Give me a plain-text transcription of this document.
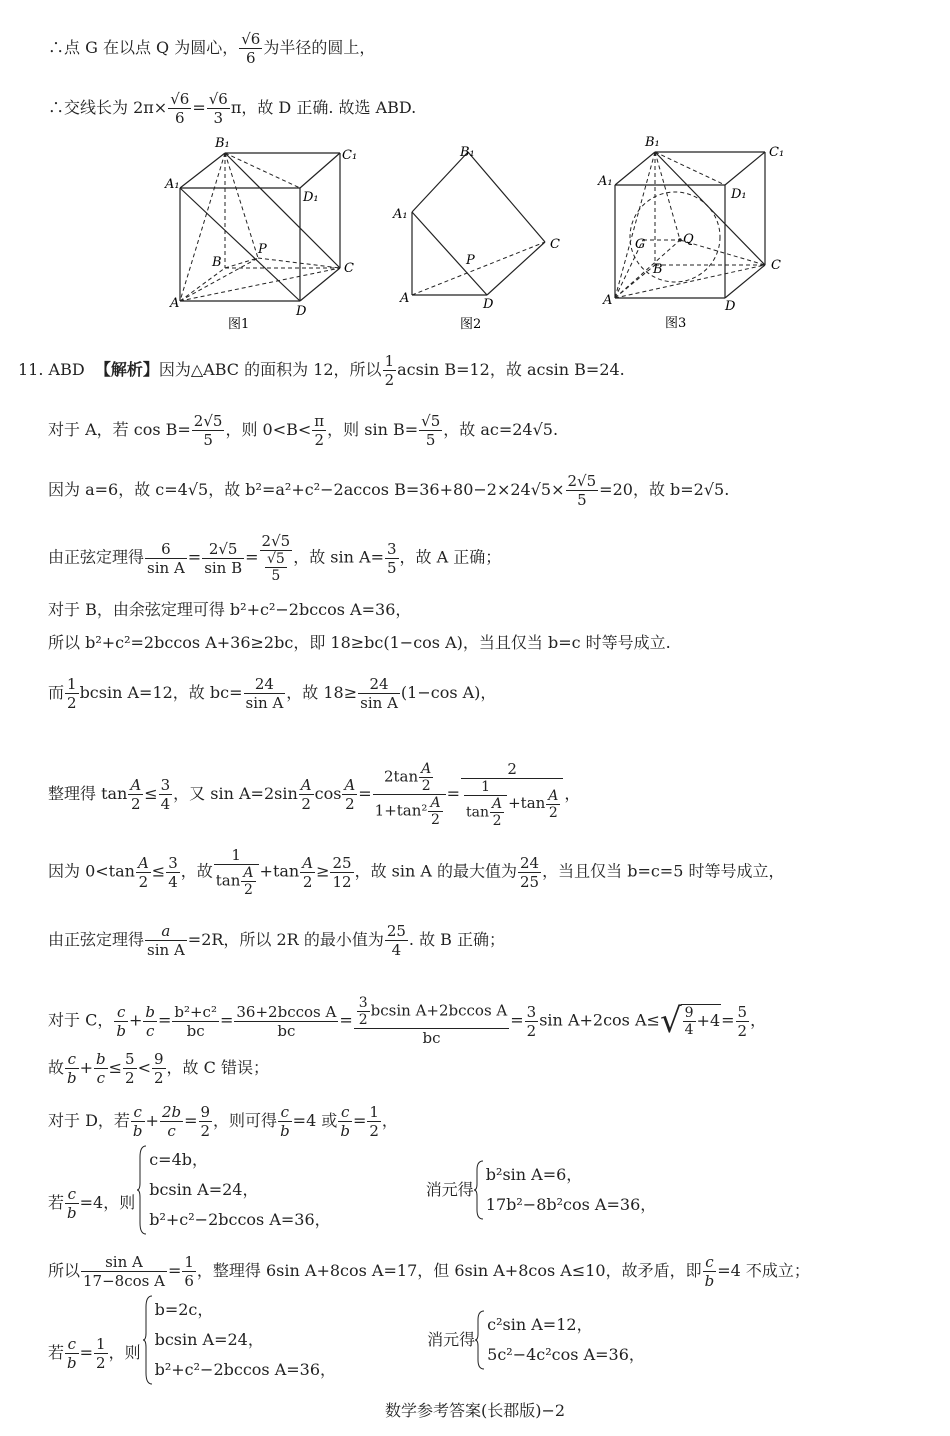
∴点 G 在以点 Q 为圆心， $\frac{√6}{6}$ 为半径的圆上，
∴交线长为 $2\pi\times \frac{√6}{6} = \frac{√6}{3}$ π，故 D 正确. 故选 ABD.
B₁
C₁
A₁
D₁
P
B	C
A
D
图1
B₁
A₁
C
P
A	D
图2
B₁
C₁
A₁
D₁
G	Q
B	C
A	D
图3
11. ABD 【解析】因为△ABC 的面积为 12，所以 $\frac{1}{2}$ acsin B=12，故 acsin B=24.
对于 A，若 $\cos B= \frac{2√5}{5}$ ，则 $0<B< \frac{\pi}{2}$ ，则 $\sin B= \frac{√5}{5}$ ，故 ac=24√5.
因为 a=6，故 c=4√5，故 b²=a²+c²−2accos $B=36+80-2\times 24√5\times \frac{2√5}{5} =20$，故 b=2√5.
由正弦定理得 $\frac{6}{\text{sin A}} = \frac{2√5}{\text{sin B}} = \frac{2√5}{\frac{√5}{5}}$ ，故 $\sin A= \frac{3}{5}$ ，故 A 正确；
对于 B，由余弦定理可得 b²+c²−2bccos A=36，
所以 b²+c²=2bccos A+36≥2bc，即 18≥bc(1−cos A)，当且仅当 b=c 时等号成立.
而 $\frac{1}{2}$ bcsin A=12，故 $bc= \frac{24}{\text{sin A}}$ ，故 $18\ge \frac{24}{\text{sin A}} (1-\cos$ A)，
整理得 $\tan \frac{A}{2} \le \frac{3}{4}$ ，又 $\sin A=2\sin \frac{A}{2}$ $\cos \frac{A}{2} = \frac{2\tan \frac{A}{2}}{1+\tan^2 \frac{A}{2}} = \frac{2}{\frac{1}{\tan \frac{A}{2}} +\tan \frac{A}{2}}$ ，
因为 $0<\tan \frac{A}{2} \le \frac{3}{4}$ ，故 $\frac{1}{\tan \frac{A}{2}} +\tan \frac{A}{2} \ge \frac{25}{12}$ ，故 sin A 的最大值为 $\frac{24}{25}$ ，当且仅当 b=c=5 时等号成立，
由正弦定理得 $\frac{a}{\text{sin A}} =2R$，所以 2R 的最小值为 $\frac{25}{4}$ . 故 B 正确；
对于 C， $\frac{c}{b} + \frac{b}{c} = \frac{\text{b²+c²}}{bc} = \frac{\text{36+2bccos A}}{bc} = \frac{\frac{3}{2} bcsin A+2bccos A}{bc} = \frac{3}{2}$ sin A+2cos $A\le√ \frac{9}{4} +4= \frac{5}{2}$ ，
故 $\frac{c}{b} + \frac{b}{c} \le \frac{5}{2} < \frac{9}{2}$ ，故 C 错误；
对于 D，若 $\frac{c}{b} + \frac{2b}{c} = \frac{9}{2}$ ，则可得 $\frac{c}{b} =4$ 或 $\frac{c}{b} = \frac{1}{2}$ ，
若 $\frac{c}{b} =4$，则
c=4b，
bcsin A=24，
b²+c²−2bccos A=36，
消元得
b²sin A=6，
17b²−8b²cos A=36，
所以 $\frac{\text{sin A}}{\text{17−8cos A}} = \frac{1}{6}$ ，整理得 6sin A+8cos A=17，但 6sin A+8cos A≤10，故矛盾，即 $\frac{c}{b} =4$ 不成立；
若 $\frac{c}{b} = \frac{1}{2}$ ，则
b=2c，
bcsin A=24，
b²+c²−2bccos A=36，
消元得
c²sin A=12，
5c²−4c²cos A=36，
数学参考答案(长郡版)−2
